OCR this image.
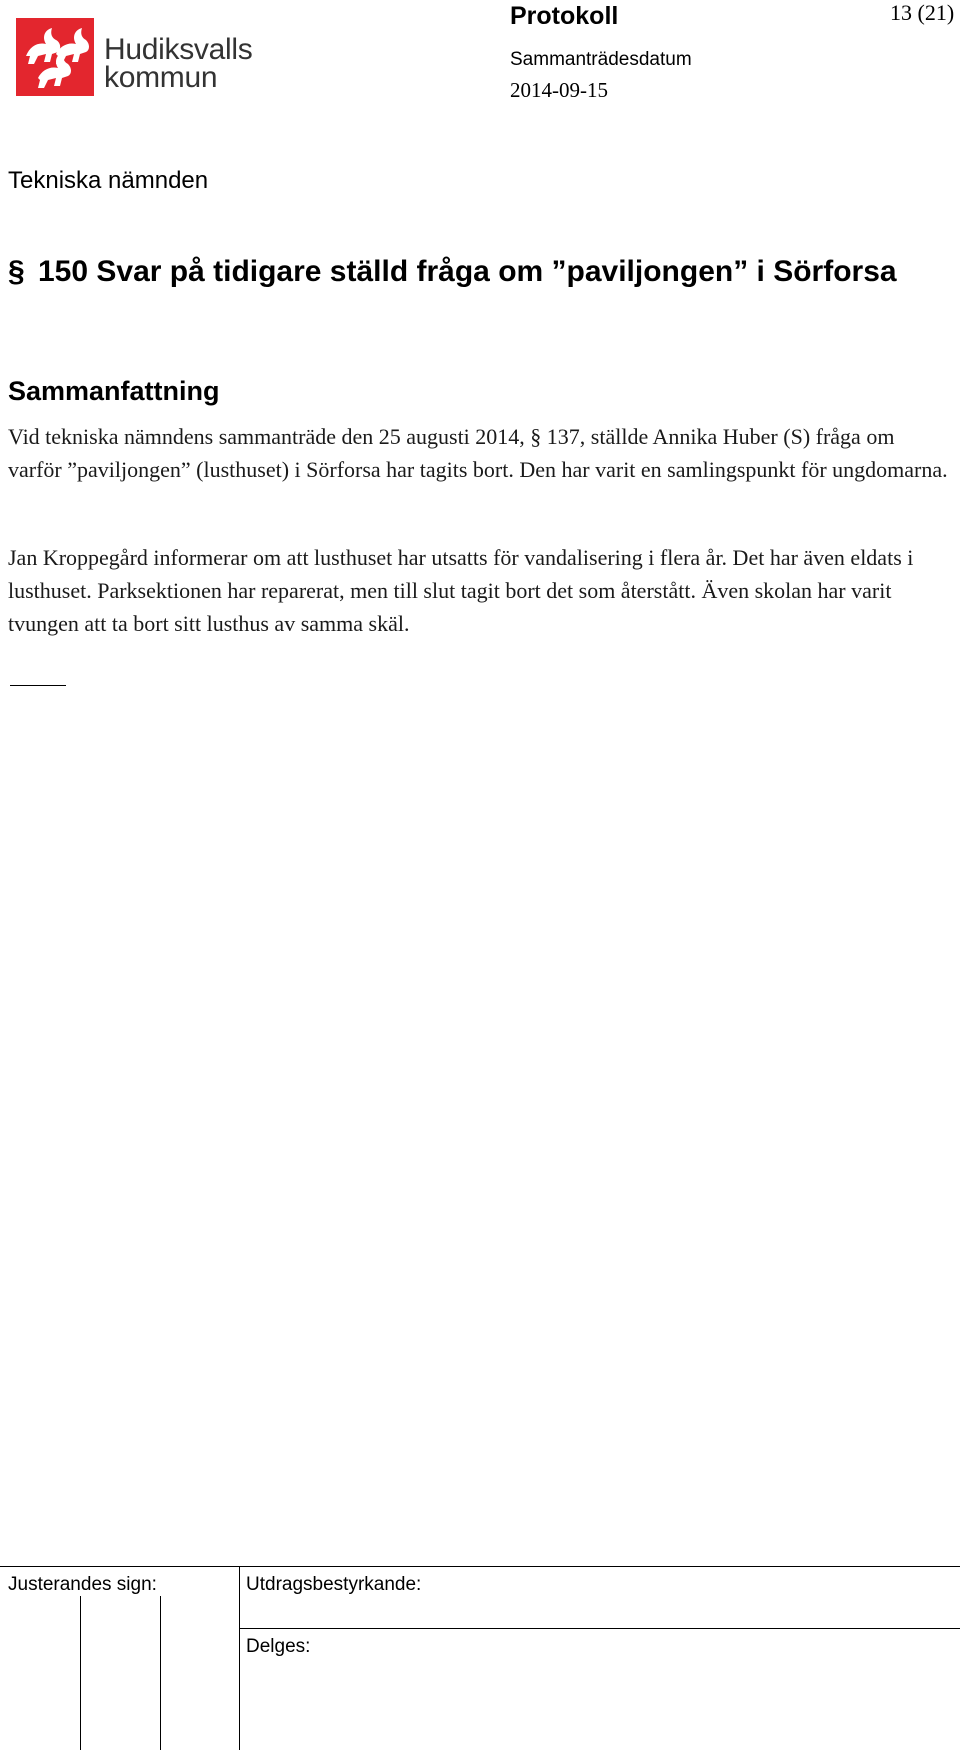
Hudiksvalls
kommun
Protokoll	13 (21)
Sammanträdesdatum
2014-09-15
Tekniska nämnden
§ 150 Svar på tidigare ställd fråga om ”paviljongen” i Sörforsa
Sammanfattning
Vid tekniska nämndens sammanträde den 25 augusti 2014, § 137, ställde Annika Huber (S) fråga om varför ”paviljongen” (lusthuset) i Sörforsa har tagits bort. Den har varit en samlingspunkt för ungdomarna.
Jan Kroppegård informerar om att lusthuset har utsatts för vandalisering i flera år. Det har även eldats i lusthuset. Parksektionen har reparerat, men till slut tagit bort det som återstått. Även skolan har varit tvungen att ta bort sitt lusthus av samma skäl.
Justerandes sign:	Utdragsbestyrkande:
Delges:
